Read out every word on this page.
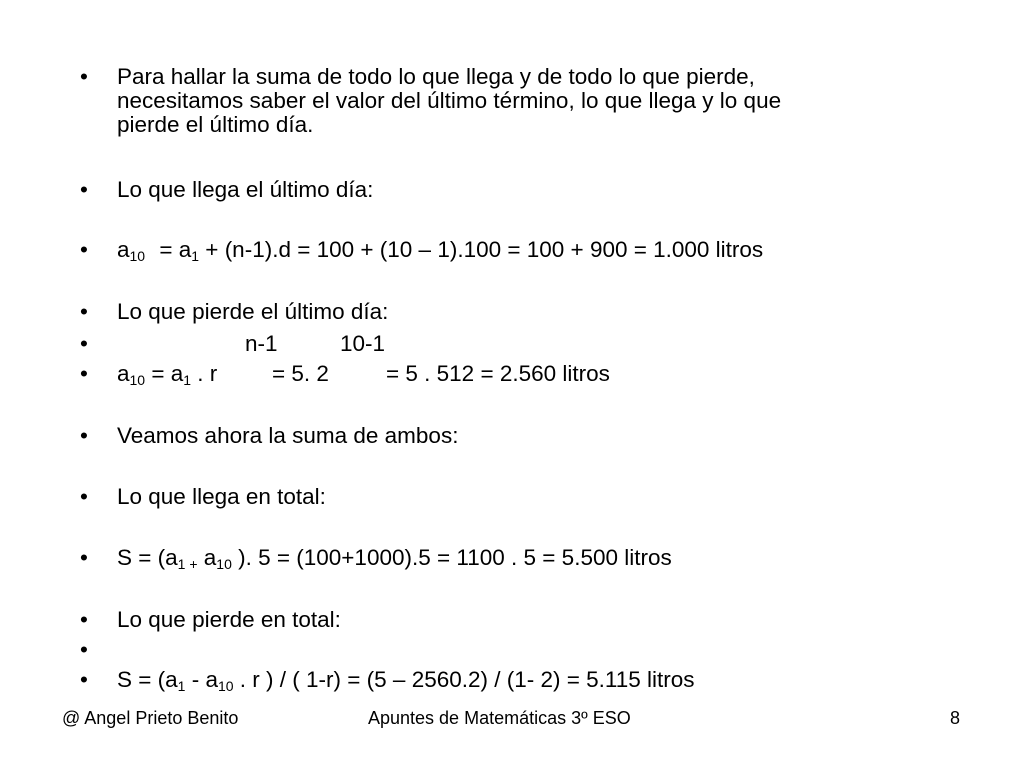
• Para hallar la suma de todo lo que llega y de todo lo que pierde,
necesitamos saber el valor del último término, lo que llega y lo que
pierde el último día.
• Lo que llega el último día:
• $a_{10} = a_1 + (n-1).d = 100 + (10 - 1).100 = 100 + 900 = 1.000$ litros
• Lo que pierde el último día:
•	n-1	10-1
• $a_{10} = a_1$ . r = 5. 2	= 5 . 512 = 2.560 litros
• Veamos ahora la suma de ambos:
• Lo que llega en total:
• $S = (a_{1 +}$ $a_{10}$ ). 5 = (100+1000).5 = 1100 . 5 = 5.500 litros
• Lo que pierde en total:
•
• $S = (a_1 - a_{10}$ . r ) / ( 1-r) = (5 – 2560.2) / (1- 2) = 5.115 litros
@ Angel Prieto Benito	Apuntes de Matemáticas 3º ESO	8
